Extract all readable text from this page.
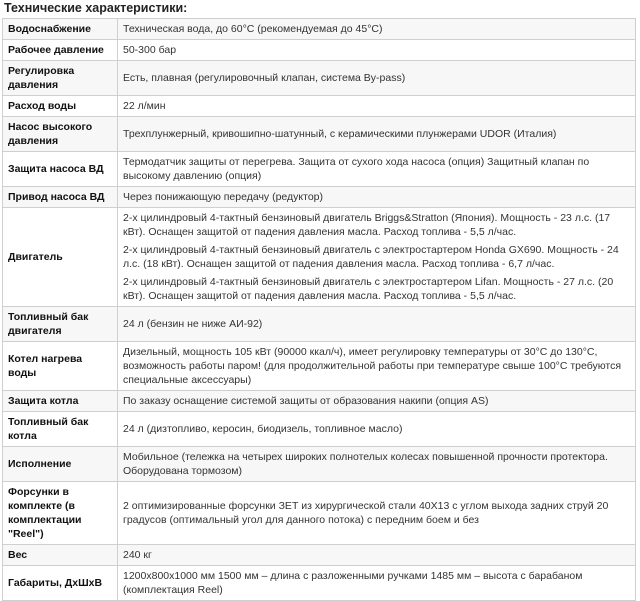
Технические характеристики:
Водоснабжение	Техническая вода, до 60°С (рекомендуемая до 45°С)
Рабочее давление	50-300 бар
Регулировка давления	Есть, плавная (регулировочный клапан, система By-pass)
Расход воды	22 л/мин
Насос высокого давления	Трехплунжерный, кривошипно-шатунный, с керамическими плунжерами UDOR (Италия)
Защита насоса ВД	Термодатчик защиты от перегрева. Защита от сухого хода насоса (опция) Защитный клапан по высокому давлению (опция)
Привод насоса ВД	Через понижающую передачу (редуктор)
Двигатель	2-х цилиндровый 4-тактный бензиновый двигатель Briggs&Stratton (Япония). Мощность - 23 л.с. (17 кВт). Оснащен защитой от падения давления масла. Расход топлива - 5,5 л/час.

2-х цилиндровый 4-тактный бензиновый двигатель с электростартером Honda GX690. Мощность - 24 л.с. (18 кВт). Оснащен защитой от падения давления масла. Расход топлива - 6,7 л/час.

2-х цилиндровый 4-тактный бензиновый двигатель с электростартером Lifan. Мощность - 27 л.с. (20 кВт). Оснащен защитой от падения давления масла. Расход топлива - 5,5 л/час.

Топливный бак двигателя	24 л (бензин не ниже АИ-92)
Котел нагрева воды	Дизельный, мощность 105 кВт (90000 ккал/ч), имеет регулировку температуры от 30°С до 130°С, возможность работы паром! (для продолжительной работы при температуре свыше 100°С требуются специальные аксессуары)
Защита котла	По заказу оснащение системой защиты от образования накипи (опция AS)
Топливный бак котла	24 л (дизтопливо, керосин, биодизель, топливное масло)
Исполнение	Мобильное (тележка на четырех широких полнотелых колесах повышенной прочности протектора. Оборудована тормозом)
Форсунки в комплекте (в комплектации "Reel")	2 оптимизированные форсунки ЗЕТ из хирургической стали 40X13 с углом выхода задних струй 20 градусов (оптимальный угол для данного потока) с передним боем и без
Вес	240 кг
Габариты, ДхШхВ	1200x800x1000 мм 1500 мм – длина с разложенными ручками 1485 мм – высота с барабаном (комплектация Reel)
